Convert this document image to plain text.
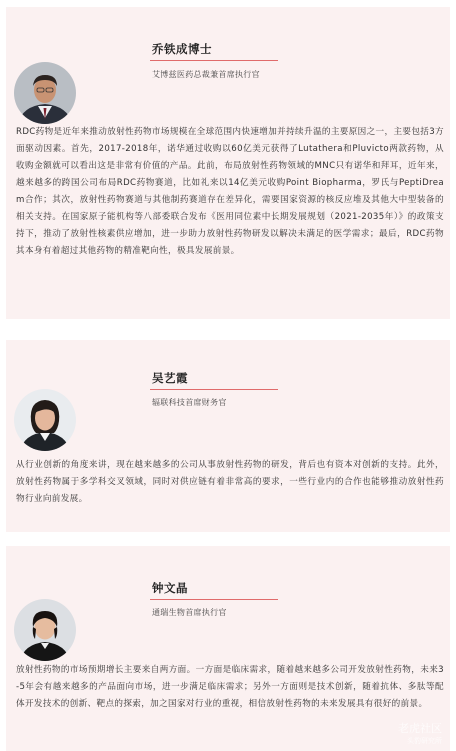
乔铁成博士
艾博兹医药总裁兼首席执行官
RDC药物是近年来推动放射性药物市场规模在全球范围内快速增加并持续升温的主要原因之一，主要包括3方面驱动因素。首先，2017-2018年，诺华通过收购以60亿美元获得了Lutathera和Pluvicto两款药物，从收购金额就可以看出这是非常有价值的产品。此前，布局放射性药物领域的MNC只有诺华和拜耳，近年来，越来越多的跨国公司布局RDC药物赛道，比如礼来以14亿美元收购Point Biopharma，罗氏与PeptiDream合作；其次，放射性药物赛道与其他制药赛道存在差异化，需要国家资源的核反应堆及其他大中型装备的相关支持。在国家原子能机构等八部委联合发布《医用同位素中长期发展规划（2021-2035年）》的政策支持下，推动了放射性核素供应增加，进一步助力放射性药物研发以解决未满足的医学需求；最后，RDC药物其本身有着超过其他药物的精准靶向性，极具发展前景。
吴艺霞
辐联科技首席财务官
从行业创新的角度来讲，现在越来越多的公司从事放射性药物的研发，背后也有资本对创新的支持。此外，放射性药物属于多学科交叉领域，同时对供应链有着非常高的要求，一些行业内的合作也能够推动放射性药物行业向前发展。
钟文晶
通瑞生物首席执行官
放射性药物的市场预期增长主要来自两方面。一方面是临床需求，随着越来越多公司开发放射性药物，未来3-5年会有越来越多的产品面向市场，进一步满足临床需求；另外一方面则是技术创新，随着抗体、多肽等配体开发技术的创新、靶点的探索，加之国家对行业的重视，相信放射性药物的未来发展具有很好的前景。
老虎社区
头豹研究所
